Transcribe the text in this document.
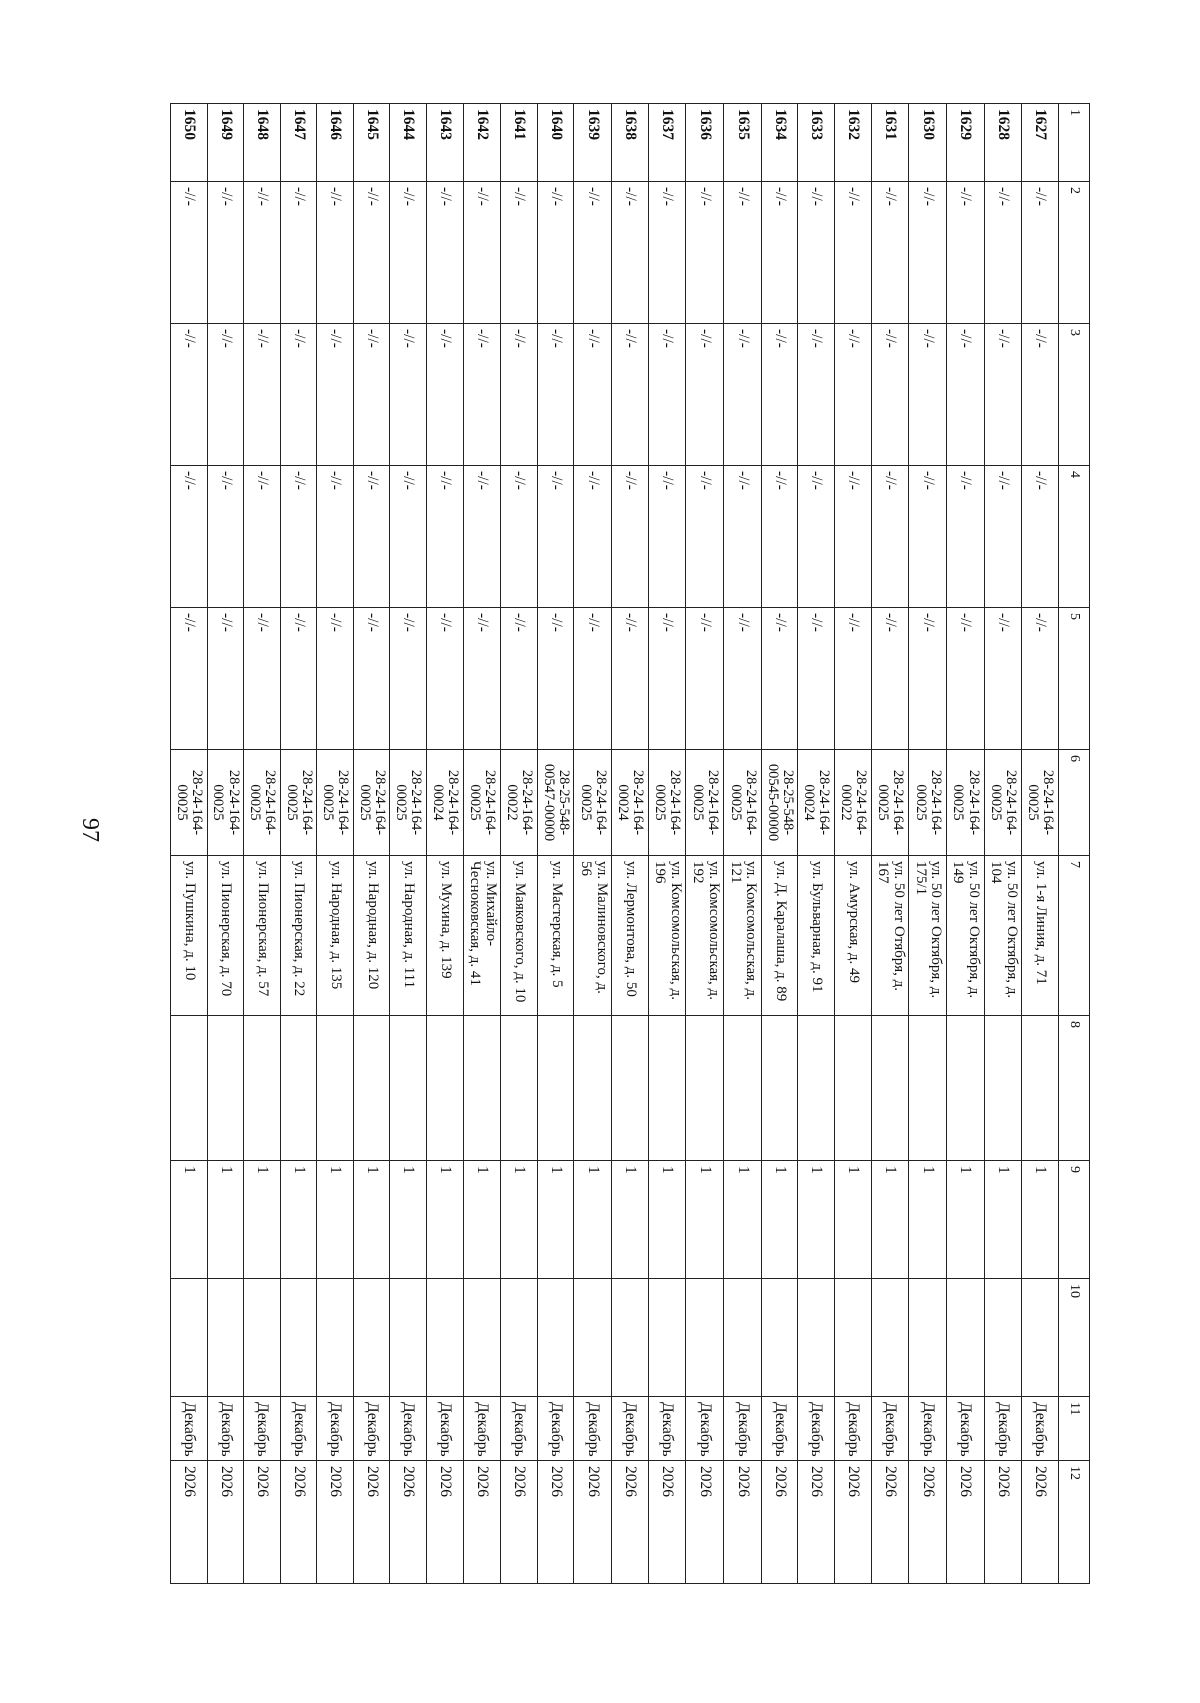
97
1	2	3	4	5	6	7	8	9	10	11	12
1627	-//-	-//-	-//-	-//-	28-24-164-00025	ул. 1-я Линия, д. 71		1		Декабрь	2026
1628	-//-	-//-	-//-	-//-	28-24-164-00025	ул. 50 лет Октября, д. 104		1		Декабрь	2026
1629	-//-	-//-	-//-	-//-	28-24-164-00025	ул. 50 лет Октября, д. 149		1		Декабрь	2026
1630	-//-	-//-	-//-	-//-	28-24-164-00025	ул. 50 лет Октября, д. 175/1		1		Декабрь	2026
1631	-//-	-//-	-//-	-//-	28-24-164-00025	ул. 50 лет Отября, д. 167		1		Декабрь	2026
1632	-//-	-//-	-//-	-//-	28-24-164-00022	ул. Амурская, д. 49		1		Декабрь	2026
1633	-//-	-//-	-//-	-//-	28-24-164-00024	ул. Бульварная, д. 91		1		Декабрь	2026
1634	-//-	-//-	-//-	-//-	28-25-548-00545-00000	ул. Д. Каралаша, д. 89		1		Декабрь	2026
1635	-//-	-//-	-//-	-//-	28-24-164-00025	ул. Комсомольская, д. 121		1		Декабрь	2026
1636	-//-	-//-	-//-	-//-	28-24-164-00025	ул. Комсомольская, д. 192		1		Декабрь	2026
1637	-//-	-//-	-//-	-//-	28-24-164-00025	ул. Комсомольская, д. 196		1		Декабрь	2026
1638	-//-	-//-	-//-	-//-	28-24-164-00024	ул. Лермонтова, д. 50		1		Декабрь	2026
1639	-//-	-//-	-//-	-//-	28-24-164-00025	ул. Малиновского, д. 56		1		Декабрь	2026
1640	-//-	-//-	-//-	-//-	28-25-548-00547-00000	ул. Мастерская, д. 5		1		Декабрь	2026
1641	-//-	-//-	-//-	-//-	28-24-164-00022	ул. Маяковского, д. 10		1		Декабрь	2026
1642	-//-	-//-	-//-	-//-	28-24-164-00025	ул. Михайло-Чесноковская, д. 41		1		Декабрь	2026
1643	-//-	-//-	-//-	-//-	28-24-164-00024	ул. Мухина, д. 139		1		Декабрь	2026
1644	-//-	-//-	-//-	-//-	28-24-164-00025	ул. Народная, д. 111		1		Декабрь	2026
1645	-//-	-//-	-//-	-//-	28-24-164-00025	ул. Народная, д. 120		1		Декабрь	2026
1646	-//-	-//-	-//-	-//-	28-24-164-00025	ул. Народная, д. 135		1		Декабрь	2026
1647	-//-	-//-	-//-	-//-	28-24-164-00025	ул. Пионерская, д. 22		1		Декабрь	2026
1648	-//-	-//-	-//-	-//-	28-24-164-00025	ул. Пионерская, д. 57		1		Декабрь	2026
1649	-//-	-//-	-//-	-//-	28-24-164-00025	ул. Пионерская, д. 70		1		Декабрь	2026
1650	-//-	-//-	-//-	-//-	28-24-164-00025	ул. Пушкина, д. 10		1		Декабрь	2026
